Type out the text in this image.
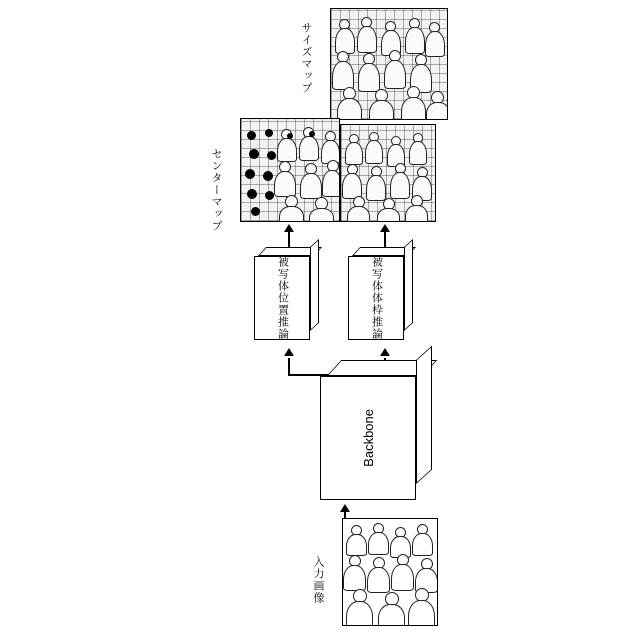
サイズマップ
センターマップ
被写体位置推論	被写体体枠推論
Backbone
入力画像
